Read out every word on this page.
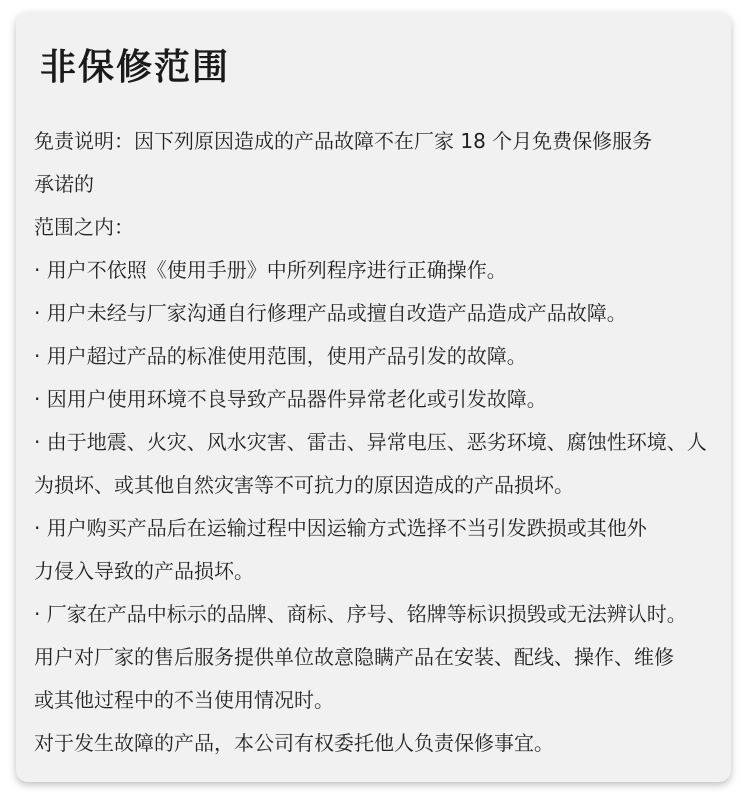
非保修范围
免责说明：因下列原因造成的产品故障不在厂家 18 个月免费保修服务
承诺的
范围之内：
· 用户不依照《使用手册》中所列程序进行正确操作。
· 用户未经与厂家沟通自行修理产品或擅自改造产品造成产品故障。
· 用户超过产品的标准使用范围，使用产品引发的故障。
· 因用户使用环境不良导致产品器件异常老化或引发故障。
· 由于地震、火灾、风水灾害、雷击、异常电压、恶劣环境、腐蚀性环境、人
为损坏、或其他自然灾害等不可抗力的原因造成的产品损坏。
· 用户购买产品后在运输过程中因运输方式选择不当引发跌损或其他外
力侵入导致的产品损坏。
· 厂家在产品中标示的品牌、商标、序号、铭牌等标识损毁或无法辨认时。
用户对厂家的售后服务提供单位故意隐瞒产品在安装、配线、操作、维修
或其他过程中的不当使用情况时。
对于发生故障的产品，本公司有权委托他人负责保修事宜。
